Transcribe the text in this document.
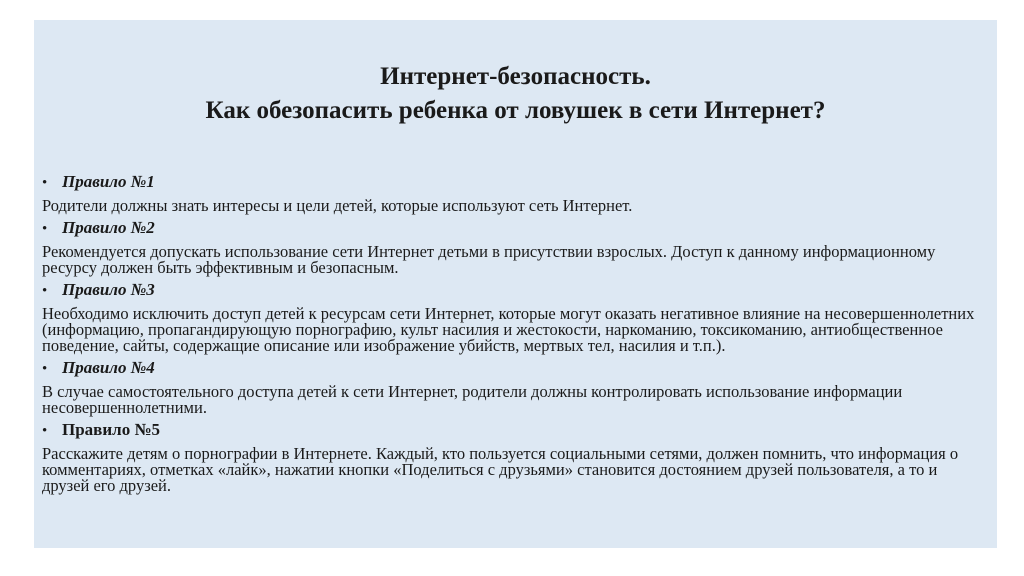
Интернет-безопасность.
Как обезопасить ребенка от ловушек в сети Интернет?
• Правило №1
Родители должны знать интересы и цели детей, которые используют сеть Интернет.
• Правило №2
Рекомендуется допускать использование сети Интернет детьми в присутствии взрослых. Доступ к данному информационному ресурсу должен быть эффективным и безопасным.
• Правило №3
Необходимо исключить доступ детей к ресурсам сети Интернет, которые могут оказать негативное влияние на несовершеннолетних (информацию, пропагандирующую порнографию, культ насилия и жестокости, наркоманию, токсикоманию, антиобщественное поведение, сайты, содержащие описание или изображение убийств, мертвых тел, насилия и т.п.).
• Правило №4
В случае самостоятельного доступа детей к сети Интернет, родители должны контролировать использование информации несовершеннолетними.
• Правило №5
Расскажите детям о порнографии в Интернете. Каждый, кто пользуется социальными сетями, должен помнить, что информация о комментариях, отметках «лайк», нажатии кнопки «Поделиться с друзьями» становится достоянием друзей пользователя, а то и друзей его друзей.
